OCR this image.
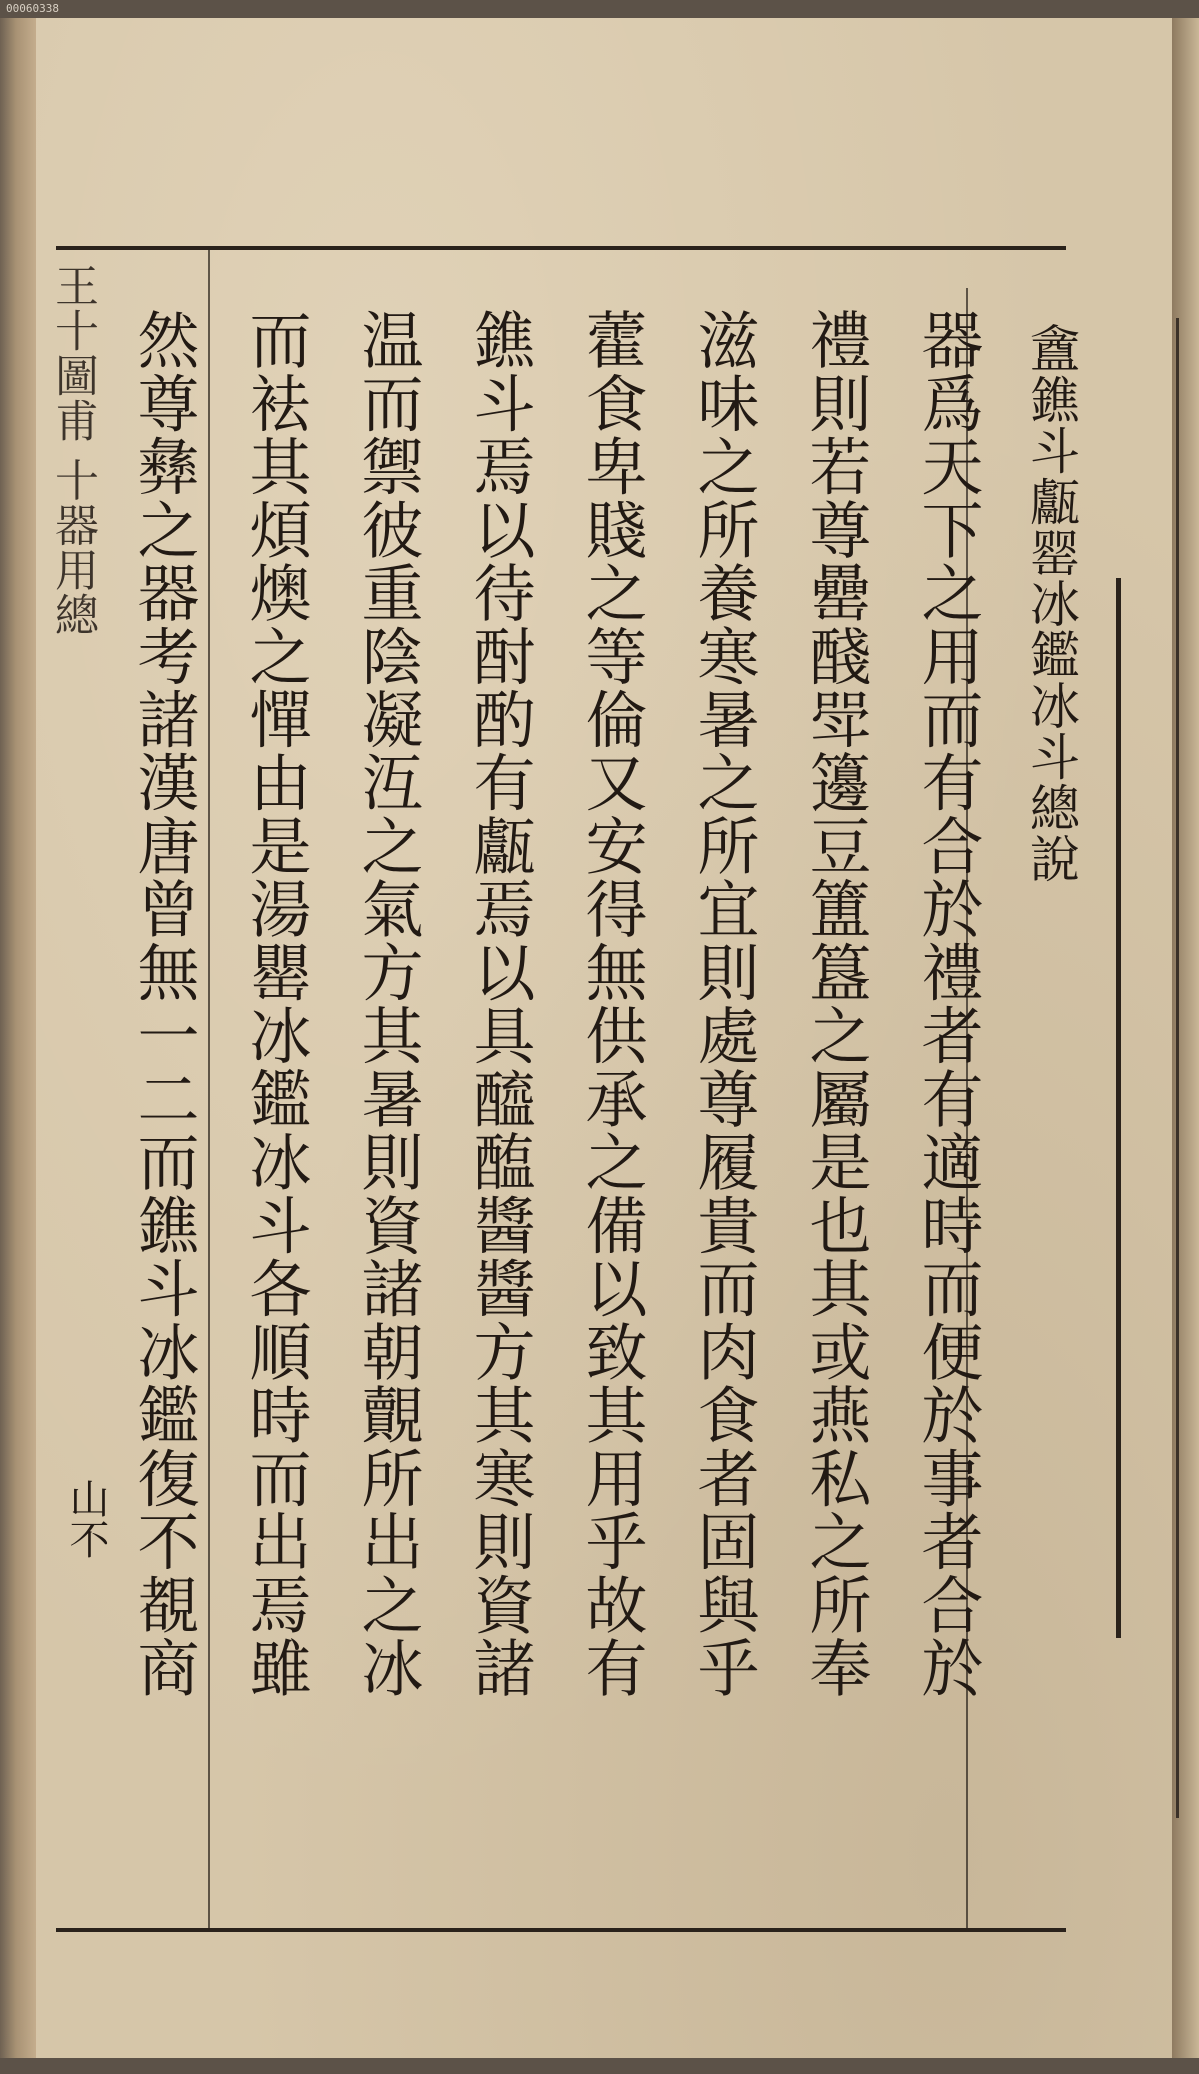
00060338
盦鐎斗甗罂冰鑑冰斗總說
器爲天下之用而有合於禮者有適時而便於事者合於
禮則若尊罍醆斝籩豆簠簋之屬是也其或燕私之所奉
滋味之所養寒暑之所宜則處尊履貴而肉食者固與乎
藿食卑賤之等倫又安得無供承之備以致其用乎故有
鐎斗焉以待酎酌有甗焉以具醯醢醬醬方其寒則資諸
温而禦彼重陰凝沍之氣方其暑則資諸朝覿所出之冰
而袪其煩燠之憚由是湯罌冰鑑冰斗各順時而出焉雖
然尊彝之器考諸漢唐曾無一二而鐎斗冰鑑復不覩商
王十圖甫 十器用總
山不
